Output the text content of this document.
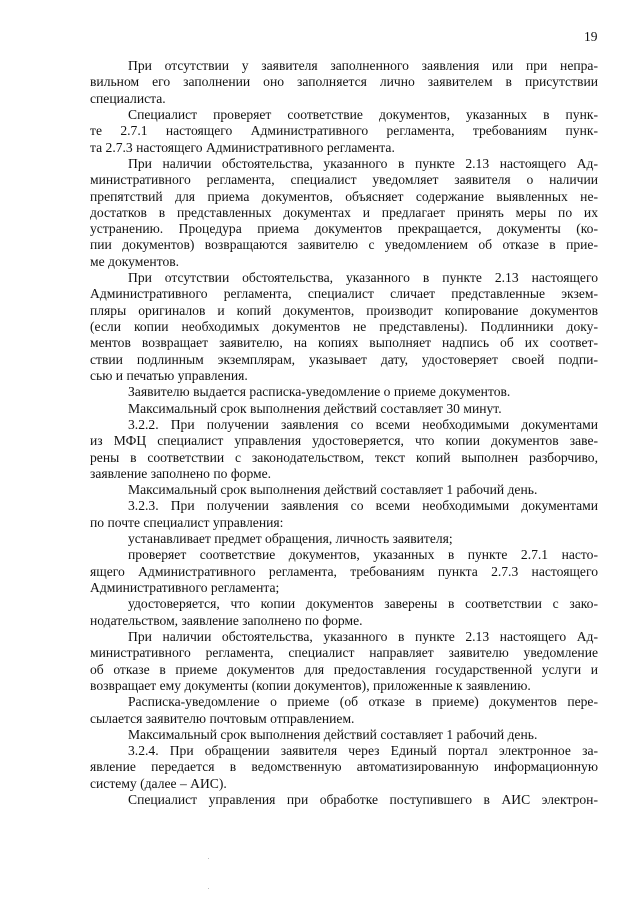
19
При отсутствии у заявителя заполненного заявления или при непра-
вильном его заполнении оно заполняется лично заявителем в присутствии
специалиста.
Специалист проверяет соответствие документов, указанных в пунк-
те 2.7.1 настоящего Административного регламента, требованиям пунк-
та 2.7.3 настоящего Административного регламента.
При наличии обстоятельства, указанного в пункте 2.13 настоящего Ад-
министративного регламента, специалист уведомляет заявителя о наличии
препятствий для приема документов, объясняет содержание выявленных не-
достатков в представленных документах и предлагает принять меры по их
устранению. Процедура приема документов прекращается, документы (ко-
пии документов) возвращаются заявителю с уведомлением об отказе в прие-
ме документов.
При отсутствии обстоятельства, указанного в пункте 2.13 настоящего
Административного регламента, специалист сличает представленные экзем-
пляры оригиналов и копий документов, производит копирование документов
(если копии необходимых документов не представлены). Подлинники доку-
ментов возвращает заявителю, на копиях выполняет надпись об их соответ-
ствии подлинным экземплярам, указывает дату, удостоверяет своей подпи-
сью и печатью управления.
Заявителю выдается расписка-уведомление о приеме документов.
Максимальный срок выполнения действий составляет 30 минут.
3.2.2. При получении заявления со всеми необходимыми документами
из МФЦ специалист управления удостоверяется, что копии документов заве-
рены в соответствии с законодательством, текст копий выполнен разборчиво,
заявление заполнено по форме.
Максимальный срок выполнения действий составляет 1 рабочий день.
3.2.3. При получении заявления со всеми необходимыми документами
по почте специалист управления:
устанавливает предмет обращения, личность заявителя;
проверяет соответствие документов, указанных в пункте 2.7.1 насто-
ящего Административного регламента, требованиям пункта 2.7.3 настоящего
Административного регламента;
удостоверяется, что копии документов заверены в соответствии с зако-
нодательством, заявление заполнено по форме.
При наличии обстоятельства, указанного в пункте 2.13 настоящего Ад-
министративного регламента, специалист направляет заявителю уведомление
об отказе в приеме документов для предоставления государственной услуги и
возвращает ему документы (копии документов), приложенные к заявлению.
Расписка-уведомление о приеме (об отказе в приеме) документов пере-
сылается заявителю почтовым отправлением.
Максимальный срок выполнения действий составляет 1 рабочий день.
3.2.4. При обращении заявителя через Единый портал электронное за-
явление передается в ведомственную автоматизированную информационную
систему (далее – АИС).
Специалист управления при обработке поступившего в АИС электрон-
